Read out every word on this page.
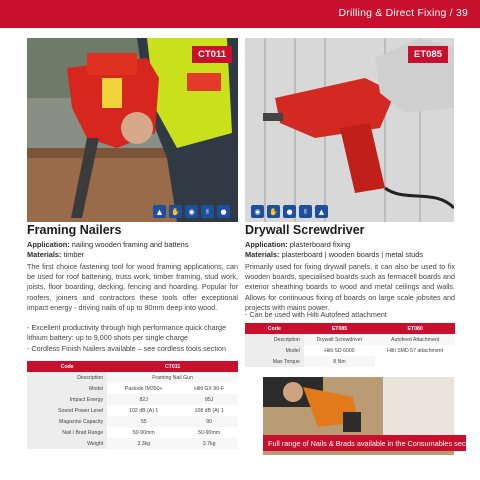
Drilling & Direct Fixing / 39
CT011
▲	✋	◉	✌	●
ET085
◉	✋	●	✌	▲
Framing Nailers
Application: nailing wooden framing and battens
Materials: timber
The first choice fastening tool for wood framing applications, can be used for roof battening, truss work, timber framing, stud work, joists, floor boarding, decking, fencing and hoarding. Popular for roofers, joiners and contractors these tools offer exceptional impact energy - driving nails of up to 90mm deep into wood.
- Excellent productivity through high performance quick charge lithium battery: up to 9,000 shots per single charge
- Cordless Finish Nailers available – see cordless tools section
Code	CT011	
Description	Framing Nail Gun	
Model	Paslode IM350+	Hilti GX 90-F
Impact Energy	82J	85J
Sound Power Level	102 dB (A) 1	108 dB (A) 1
Magazine Capacity	55	90
Nail / Brad Range	50-90mm	50-90mm
Weight	3.3kg	3.7kg
Drywall Screwdriver
Application: plasterboard fixing
Materials: plasterboard | wooden boards | metal studs
Primarily used for fixing drywall panels, it can also be used to fix wooden boards, specialised boards such as fermacell boards and exterior sheathing boards to wood and metal ceilings and walls. Allows for continuous fixing of boards on large scale jobsites and projects with mains power.
- Can be used with Hilti Autofeed attachment
Code	ET085	ET080
Description	Drywall Screwdriver	Autofeed Attachment
Model	Hilti SD 6000	Hilti SMD 57 attachment
Max Torque	8 Nm	
Full range of Nails & Brads available in the Consumables section
